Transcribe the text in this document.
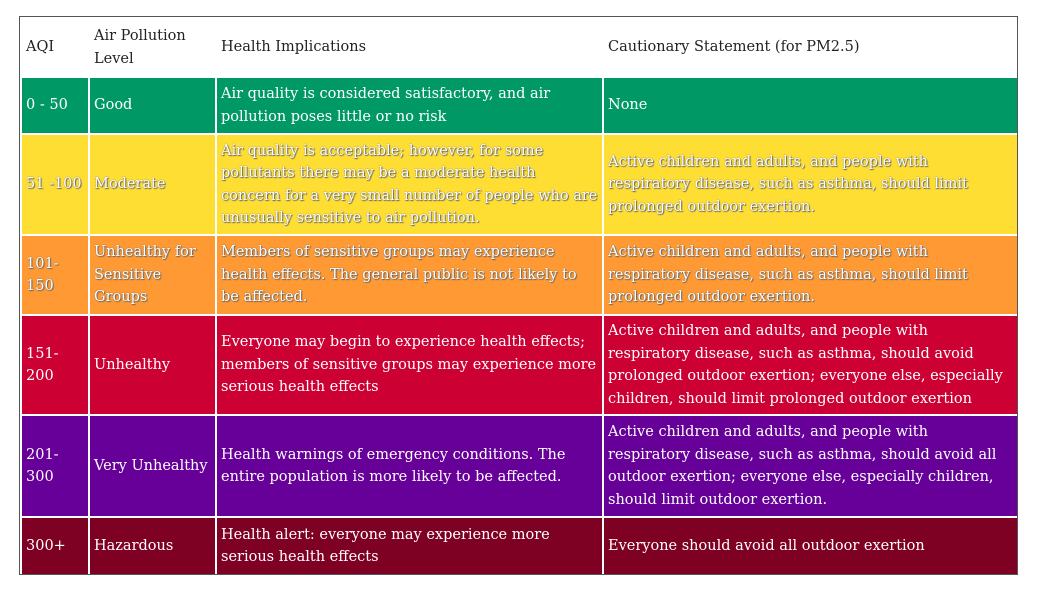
AQI	Air Pollution Level	Health Implications	Cautionary Statement (for PM2.5)
0 - 50	Good	Air quality is considered satisfactory, and air pollution poses little or no risk	None
51 -100	Moderate	Air quality is acceptable; however, for some pollutants there may be a moderate health concern for a very small number of people who are unusually sensitive to air pollution.	Active children and adults, and people with respiratory disease, such as asthma, should limit prolonged outdoor exertion.
101-150	Unhealthy for Sensitive Groups	Members of sensitive groups may experience health effects. The general public is not likely to be affected.	Active children and adults, and people with respiratory disease, such as asthma, should limit prolonged outdoor exertion.
151-200	Unhealthy	Everyone may begin to experience health effects; members of sensitive groups may experience more serious health effects	Active children and adults, and people with respiratory disease, such as asthma, should avoid prolonged outdoor exertion; everyone else, especially children, should limit prolonged outdoor exertion
201-300	Very Unhealthy	Health warnings of emergency conditions. The entire population is more likely to be affected.	Active children and adults, and people with respiratory disease, such as asthma, should avoid all outdoor exertion; everyone else, especially children, should limit outdoor exertion.
300+	Hazardous	Health alert: everyone may experience more serious health effects	Everyone should avoid all outdoor exertion
